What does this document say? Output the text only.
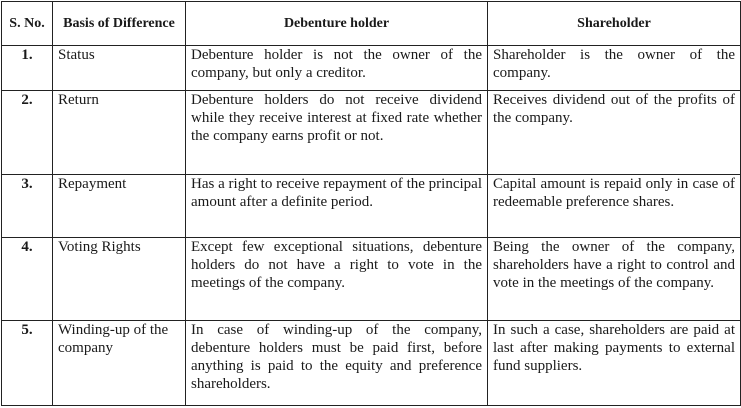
S. No.	Basis of Difference	Debenture holder	Shareholder
1.	Status	Debenture holder is not the owner of the company, but only a creditor.	Shareholder is the owner of the company.
2.	Return	Debenture holders do not receive dividend while they receive interest at fixed rate whether the company earns profit or not.	Receives dividend out of the profits of the company.
3.	Repayment	Has a right to receive repayment of the principal amount after a definite period.	Capital amount is repaid only in case of redeemable preference shares.
4.	Voting Rights	Except few exceptional situations, debenture holders do not have a right to vote in the meetings of the company.	Being the owner of the company, shareholders have a right to control and vote in the meetings of the company.
5.	Winding-up of the company	In case of winding-up of the company, debenture holders must be paid first, before anything is paid to the equity and preference shareholders.	In such a case, shareholders are paid at last after making payments to external fund suppliers.
